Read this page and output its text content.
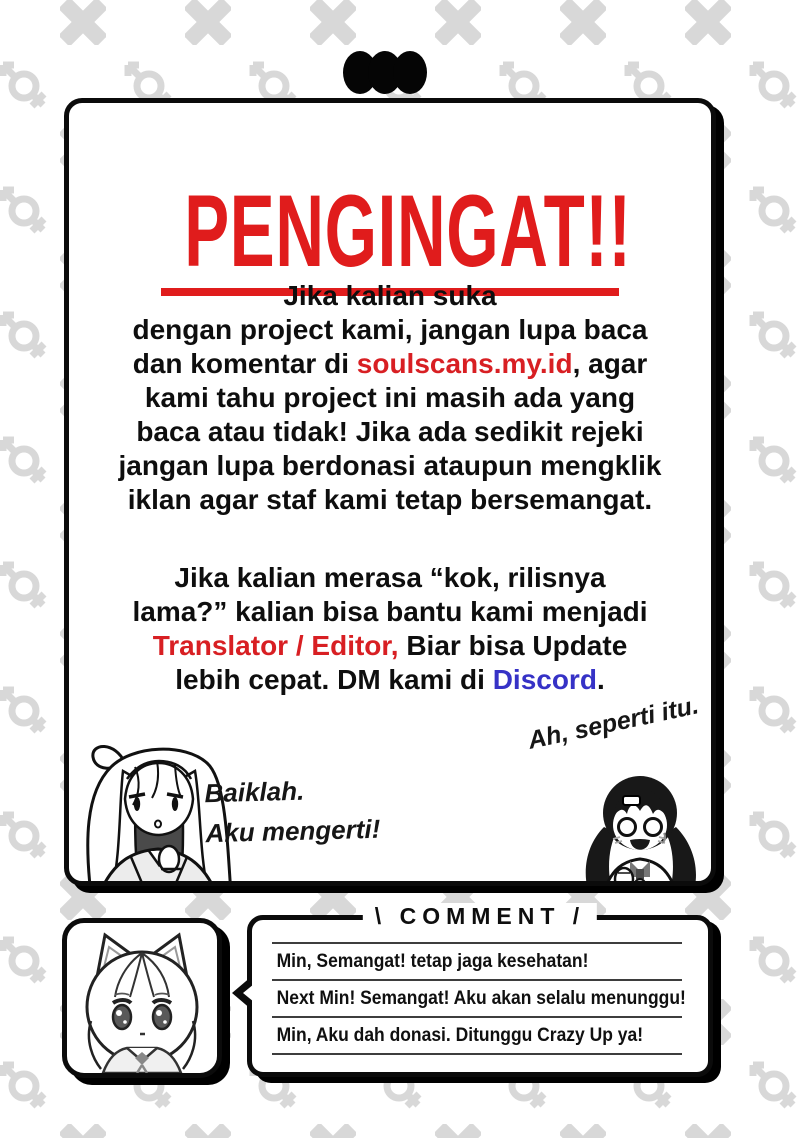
PENGINGAT!!
Jika kalian suka
dengan project kami, jangan lupa baca
dan komentar di soulscans.my.id, agar
kami tahu project ini masih ada yang
baca atau tidak! Jika ada sedikit rejeki
jangan lupa berdonasi ataupun mengklik
iklan agar staf kami tetap bersemangat.
Jika kalian merasa “kok, rilisnya
lama?” kalian bisa bantu kami menjadi
Translator / Editor, Biar bisa Update
lebih cepat. DM kami di Discord.
Baiklah.
Aku mengerti!
Ah, seperti itu.
\ COMMENT /
Min, Semangat! tetap jaga kesehatan!
Next Min! Semangat! Aku akan selalu menunggu!
Min, Aku dah donasi. Ditunggu Crazy Up ya!
